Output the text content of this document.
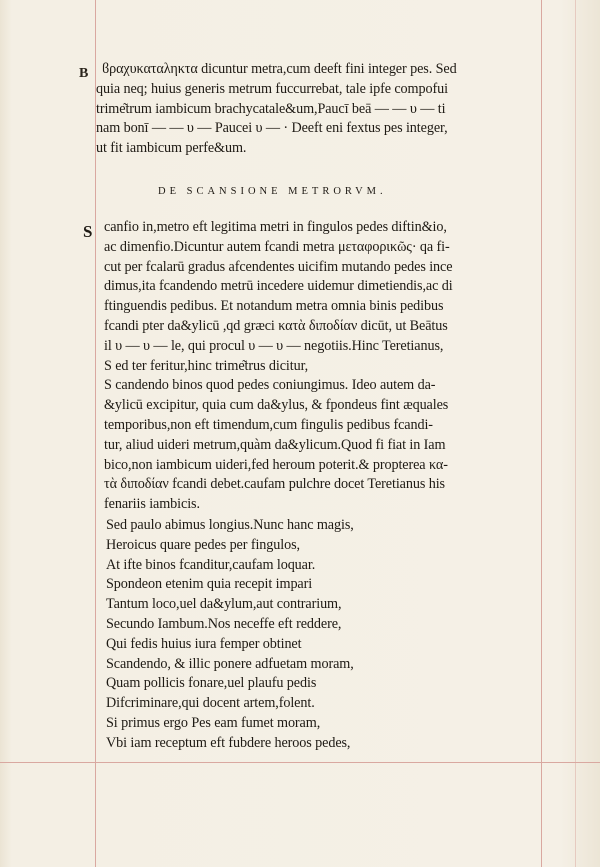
B ϐραχυκαταληκτα dicuntur metra,cum deeft fini integer pes. Sed
quia neq; huius generis metrum fuccurrebat, tale ipfe compofui
trime͂trum iambicum brachycatale&um,Paucī beā — — υ — ti
nam bonī — — υ — Paucei υ — · Deeft eni fextus pes integer,
ut fit iambicum perfe&um.
DE SCANSIONE METRORVM.
S canfio in,metro eft legitima metri in fingulos pedes diftin&io,
ac dimenfio.Dicuntur autem fcandi metra μεταφορικῶς· qa fi-
cut per fcalarū gradus afcendentes uicifim mutando pedes ince
dimus,ita fcandendo metrū incedere uidemur dimetiendis,ac di
ftinguendis pedibus. Et notandum metra omnia binis pedibus
fcandi pter da&ylicū ,qd græci κατὰ διποδίαν dicūt, ut Beātus
il υ — υ — le, qui procul υ — υ — negotiis.Hinc Teretianus,
S ed ter feritur,hinc trime͂trus dicitur,
S candendo binos quod pedes coniungimus. Ideo autem da-
&ylicū excipitur, quia cum da&ylus, & fpondeus fint æquales
temporibus,non eft timendum,cum fingulis pedibus fcandi-
tur, aliud uideri metrum,quàm da&ylicum.Quod fi fiat in Iam
bico,non iambicum uideri,fed heroum poterit.& propterea κα-
τὰ διποδίαν fcandi debet.caufam pulchre docet Teretianus his
fenariis iambicis.
Sed paulo abimus longius.Nunc hanc magis,
Heroicus quare pedes per fingulos,
At ifte binos fcanditur,caufam loquar.
Spondeon etenim quia recepit impari
Tantum loco,uel da&ylum,aut contrarium,
Secundo Iambum.Nos neceffe eft reddere,
Qui fedis huius iura femper obtinet
Scandendo, & illic ponere adfuetam moram,
Quam pollicis fonare,uel plaufu pedis
Difcriminare,qui docent artem,folent.
Si primus ergo Pes eam fumet moram,
Vbi iam receptum eft fubdere heroos pedes,
